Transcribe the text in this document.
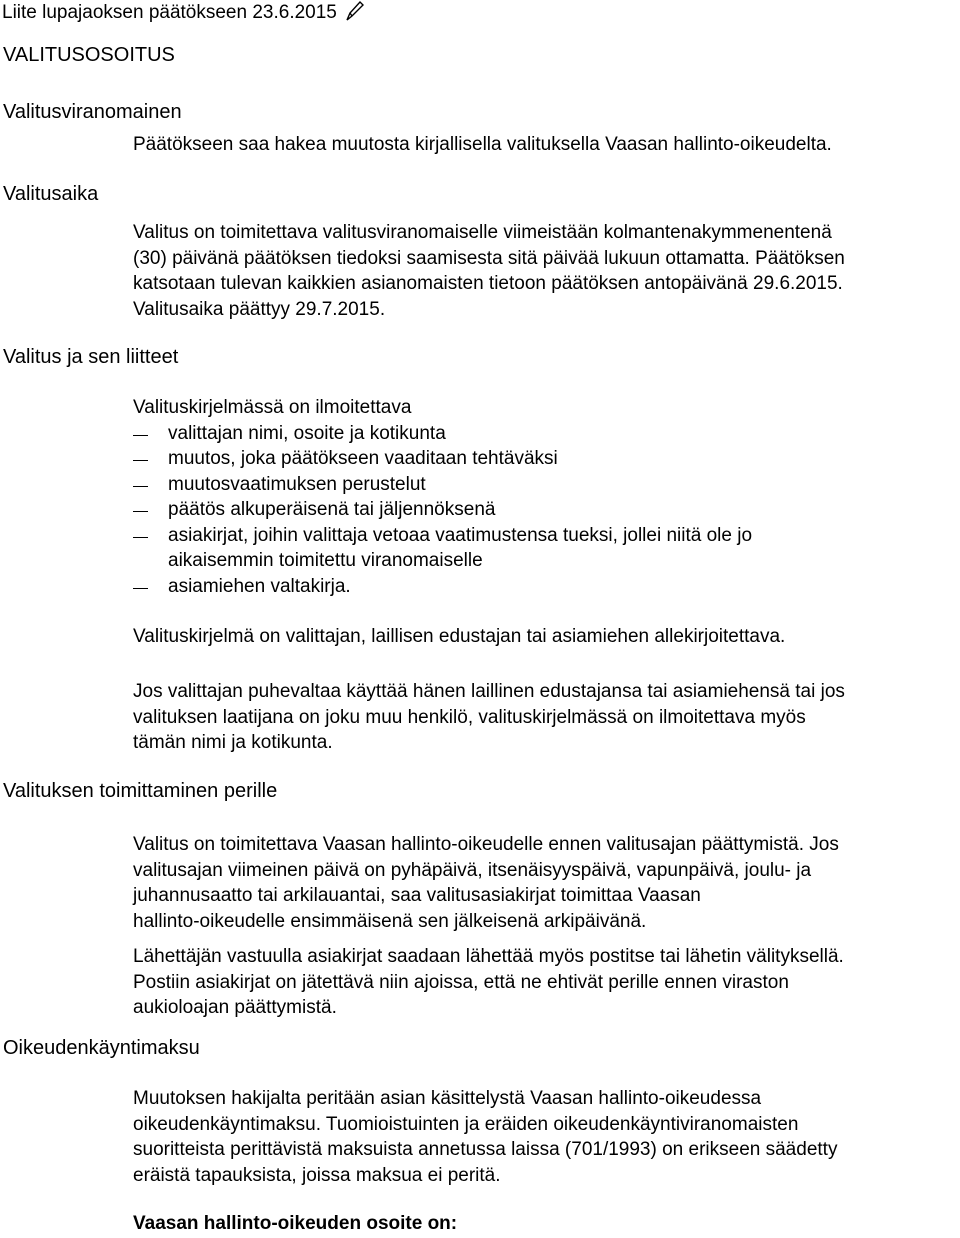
Liite lupajaoksen päätökseen 23.6.2015
VALITUSOSOITUS
Valitusviranomainen
Päätökseen saa hakea muutosta kirjallisella valituksella Vaasan hallinto-oikeudelta.
Valitusaika
Valitus on toimitettava valitusviranomaiselle viimeistään kolmantenakymmenentenä
(30) päivänä päätöksen tiedoksi saamisesta sitä päivää lukuun ottamatta. Päätöksen
katsotaan tulevan kaikkien asianomaisten tietoon päätöksen antopäivänä 29.6.2015.
Valitusaika päättyy 29.7.2015.
Valitus ja sen liitteet
Valituskirjelmässä on ilmoitettava
valittajan nimi, osoite ja kotikunta
muutos, joka päätökseen vaaditaan tehtäväksi
muutosvaatimuksen perustelut
päätös alkuperäisenä tai jäljennöksenä
asiakirjat, joihin valittaja vetoaa vaatimustensa tueksi, jollei niitä ole jo
aikaisemmin toimitettu viranomaiselle
asiamiehen valtakirja.
Valituskirjelmä on valittajan, laillisen edustajan tai asiamiehen allekirjoitettava.
Jos valittajan puhevaltaa käyttää hänen laillinen edustajansa tai asiamiehensä tai jos
valituksen laatijana on joku muu henkilö, valituskirjelmässä on ilmoitettava myös
tämän nimi ja kotikunta.
Valituksen toimittaminen perille
Valitus on toimitettava Vaasan hallinto-oikeudelle ennen valitusajan päättymistä. Jos
valitusajan viimeinen päivä on pyhäpäivä, itsenäisyyspäivä, vapunpäivä, joulu- ja
juhannusaatto tai arkilauantai, saa valitusasiakirjat toimittaa Vaasan
hallinto-oikeudelle ensimmäisenä sen jälkeisenä arkipäivänä.
Lähettäjän vastuulla asiakirjat saadaan lähettää myös postitse tai lähetin välityksellä.
Postiin asiakirjat on jätettävä niin ajoissa, että ne ehtivät perille ennen viraston
aukioloajan päättymistä.
Oikeudenkäyntimaksu
Muutoksen hakijalta peritään asian käsittelystä Vaasan hallinto-oikeudessa
oikeudenkäyntimaksu. Tuomioistuinten ja eräiden oikeudenkäyntiviranomaisten
suoritteista perittävistä maksuista annetussa laissa (701/1993) on erikseen säädetty
eräistä tapauksista, joissa maksua ei peritä.
Vaasan hallinto-oikeuden osoite on:
